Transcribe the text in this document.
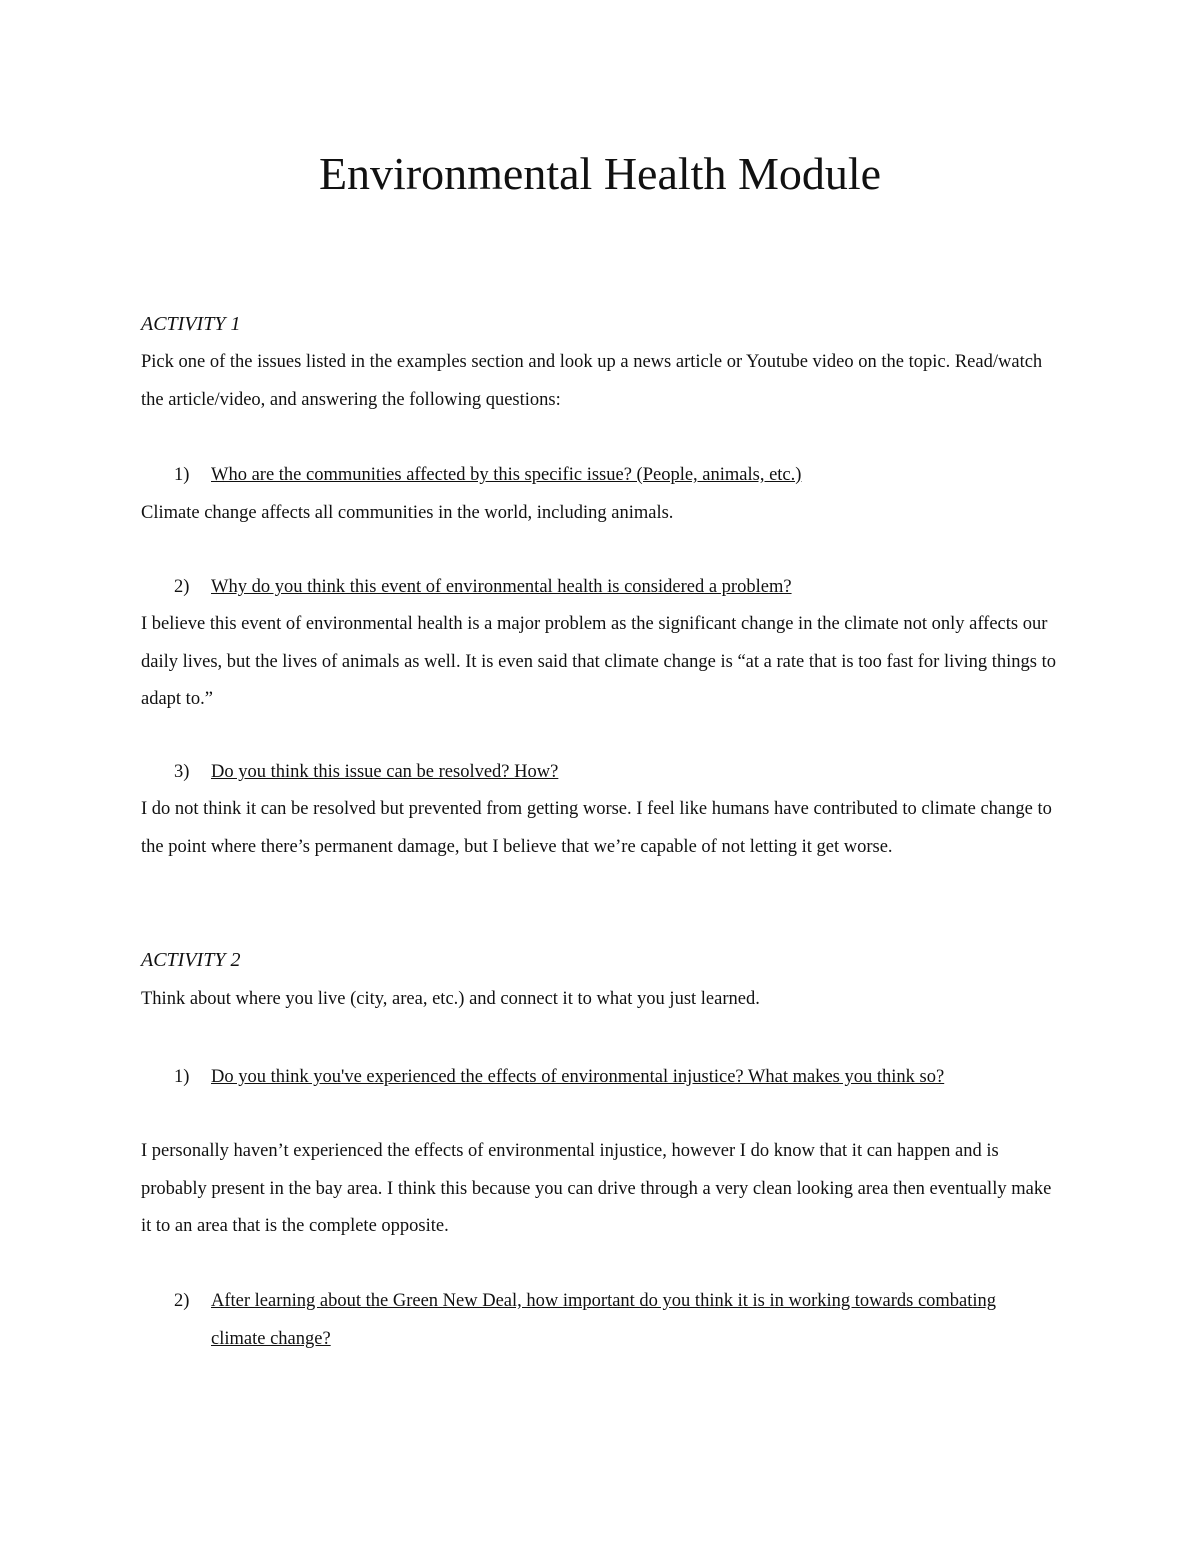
Environmental Health Module

ACTIVITY 1

Pick one of the issues listed in the examples section and look up a news article or Youtube video on the topic. Read/watch the article/video, and answering the following questions:

1) Who are the communities affected by this specific issue? (People, animals, etc.)

Climate change affects all communities in the world, including animals.

2) Why do you think this event of environmental health is considered a problem?

I believe this event of environmental health is a major problem as the significant change in the climate not only affects our daily lives, but the lives of animals as well. It is even said that climate change is “at a rate that is too fast for living things to adapt to.”

3) Do you think this issue can be resolved? How?

I do not think it can be resolved but prevented from getting worse. I feel like humans have contributed to climate change to the point where there’s permanent damage, but I believe that we’re capable of not letting it get worse.

ACTIVITY 2

Think about where you live (city, area, etc.) and connect it to what you just learned.

1) Do you think you've experienced the effects of environmental injustice? What makes you think so?

I personally haven’t experienced the effects of environmental injustice, however I do know that it can happen and is probably present in the bay area. I think this because you can drive through a very clean looking area then eventually make it to an area that is the complete opposite.

2) After learning about the Green New Deal, how important do you think it is in working towards combating climate change?
